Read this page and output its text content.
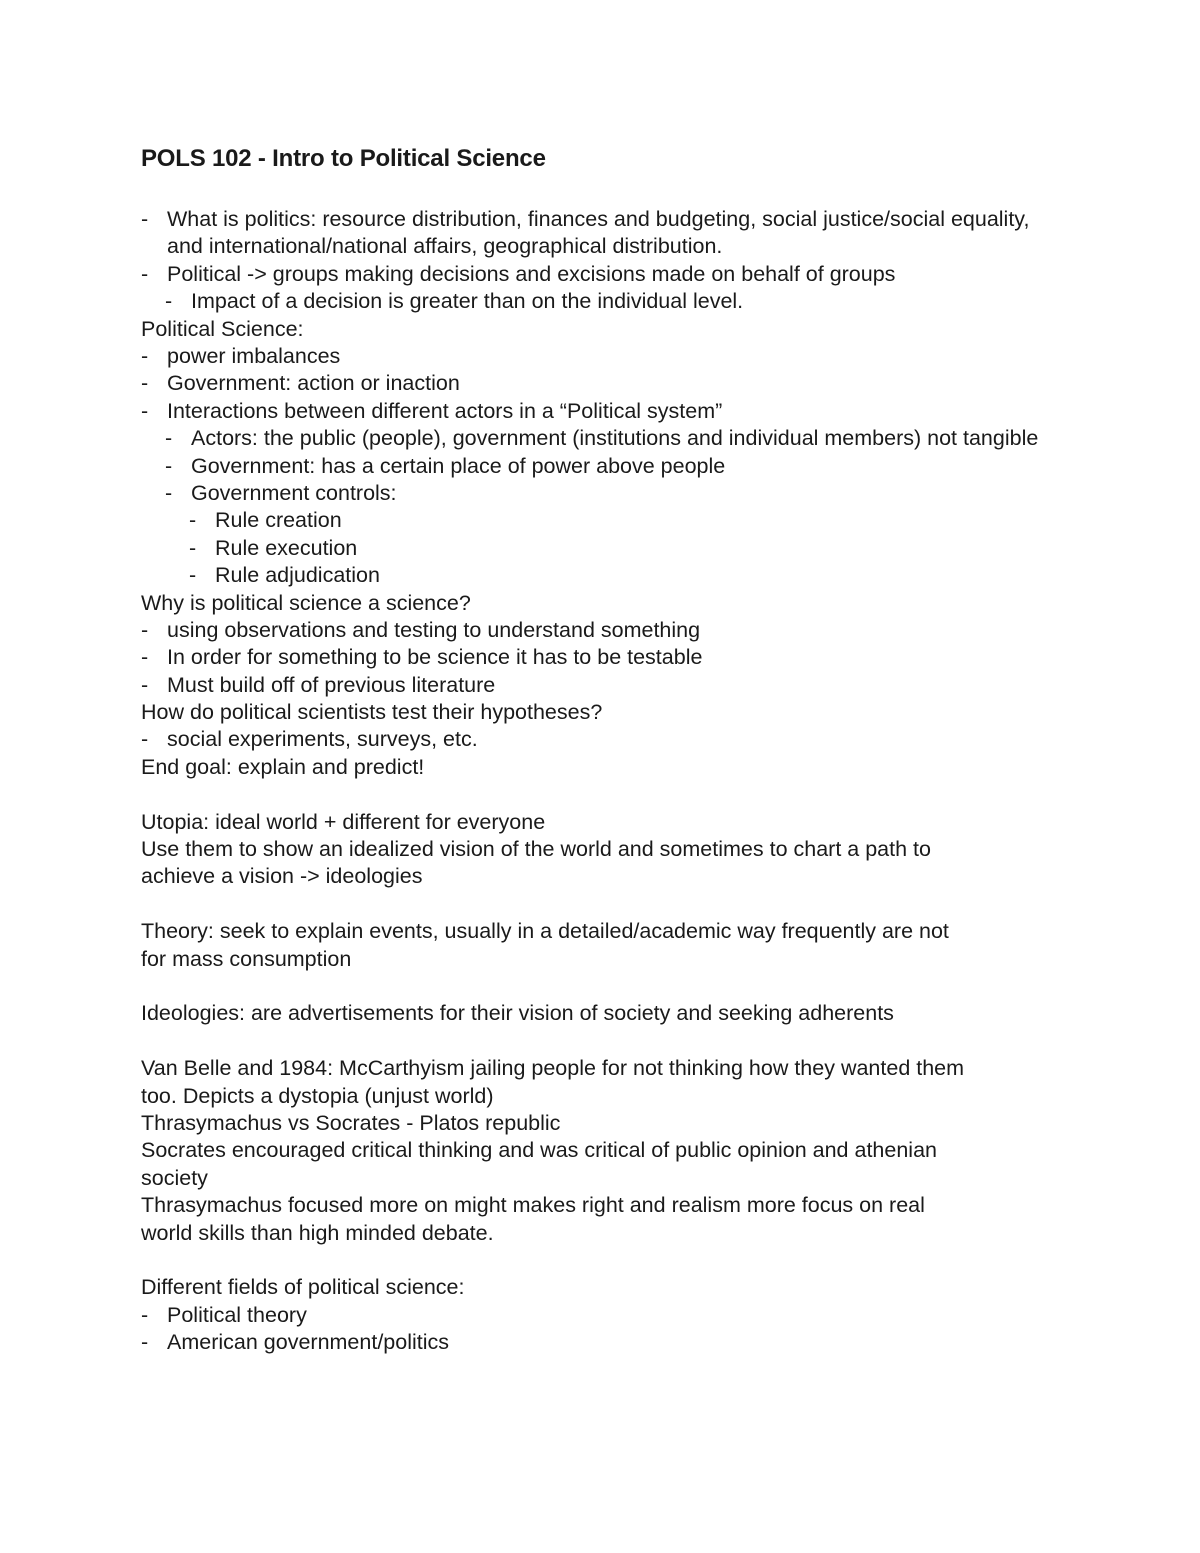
POLS 102 - Intro to Political Science
- What is politics: resource distribution, finances and budgeting, social justice/social equality, and international/national affairs, geographical distribution.
- Political -> groups making decisions and excisions made on behalf of groups
- Impact of a decision is greater than on the individual level.
Political Science:
- power imbalances
- Government: action or inaction
- Interactions between different actors in a “Political system”
- Actors: the public (people), government (institutions and individual members) not tangible
- Government: has a certain place of power above people
- Government controls:
- Rule creation
- Rule execution
- Rule adjudication
Why is political science a science?
- using observations and testing to understand something
- In order for something to be science it has to be testable
- Must build off of previous literature
How do political scientists test their hypotheses?
- social experiments, surveys, etc.
End goal: explain and predict!
Utopia: ideal world + different for everyone
Use them to show an idealized vision of the world and sometimes to chart a path to
achieve a vision -> ideologies
Theory: seek to explain events, usually in a detailed/academic way frequently are not
for mass consumption
Ideologies: are advertisements for their vision of society and seeking adherents
Van Belle and 1984: McCarthyism jailing people for not thinking how they wanted them
too. Depicts a dystopia (unjust world)
Thrasymachus vs Socrates - Platos republic
Socrates encouraged critical thinking and was critical of public opinion and athenian
society
Thrasymachus focused more on might makes right and realism more focus on real
world skills than high minded debate.
Different fields of political science:
- Political theory
- American government/politics
